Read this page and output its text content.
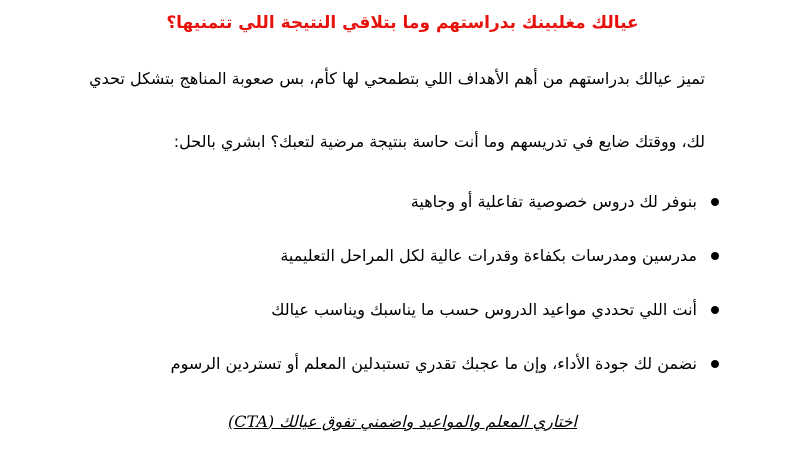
عيالك مغلبينك بدراستهم وما بتلاقي النتيجة اللي تتمنيها؟
تميز عيالك بدراستهم من أهم الأهداف اللي بتطمحي لها كأم، بس صعوبة المناهج بتشكل تحدي
لك، ووقتك ضايع في تدريسهم وما أنت حاسة بنتيجة مرضية لتعبك؟ ابشري بالحل:
بنوفر لك دروس خصوصية تفاعلية أو وجاهية
مدرسين ومدرسات بكفاءة وقدرات عالية لكل المراحل التعليمية
أنت اللي تحددي مواعيد الدروس حسب ما يناسبك ويناسب عيالك
نضمن لك جودة الأداء، وإن ما عجبك تقدري تستبدلين المعلم أو تستردين الرسوم
اختاري المعلم والمواعيد واضمني تفوق عيالك (CTA)
